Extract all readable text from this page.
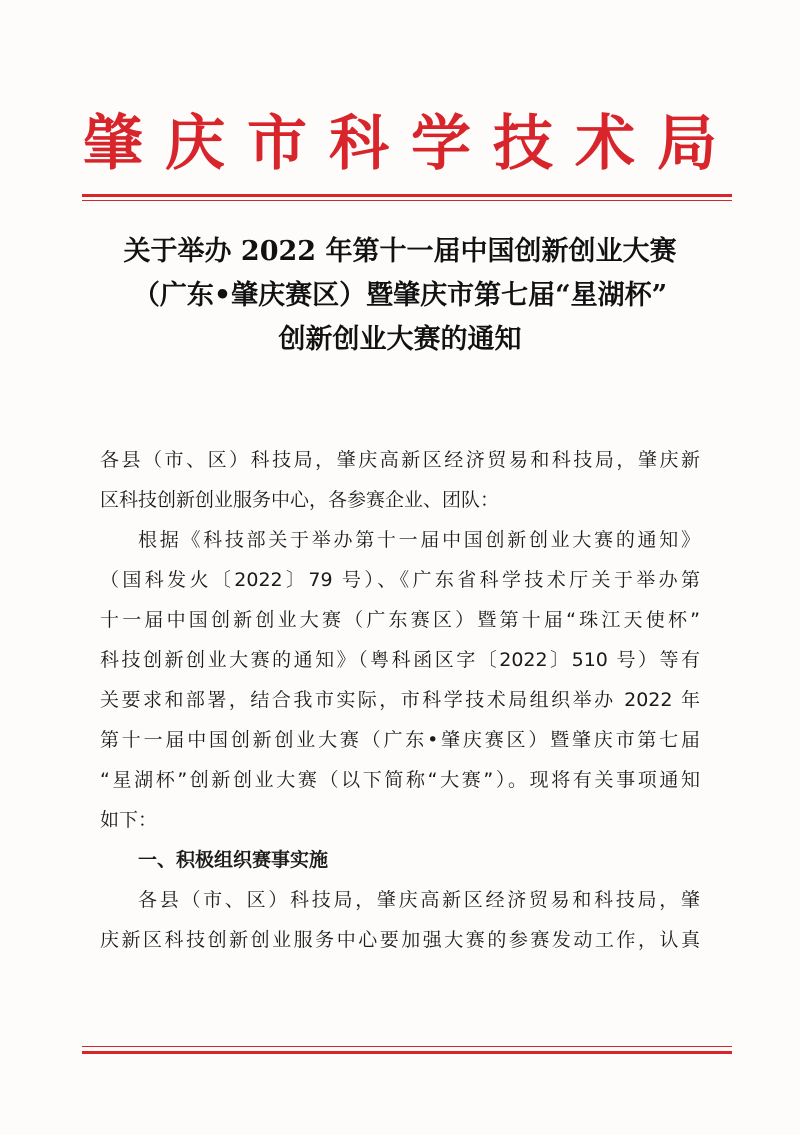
肇庆市科学技术局
关于举办 2022 年第十一届中国创新创业大赛
（广东•肇庆赛区）暨肇庆市第七届“星湖杯”
创新创业大赛的通知
各县（市、区）科技局，肇庆高新区经济贸易和科技局，肇庆新
区科技创新创业服务中心，各参赛企业、团队：
根据《科技部关于举办第十一届中国创新创业大赛的通知》
（国科发火〔2022〕79 号）、《广东省科学技术厅关于举办第
十一届中国创新创业大赛（广东赛区）暨第十届“珠江天使杯”
科技创新创业大赛的通知》（粤科函区字〔2022〕510 号）等有
关要求和部署，结合我市实际，市科学技术局组织举办 2022 年
第十一届中国创新创业大赛（广东•肇庆赛区）暨肇庆市第七届
“星湖杯”创新创业大赛（以下简称“大赛”）。现将有关事项通知
如下：
一、积极组织赛事实施
各县（市、区）科技局，肇庆高新区经济贸易和科技局，肇
庆新区科技创新创业服务中心要加强大赛的参赛发动工作，认真
